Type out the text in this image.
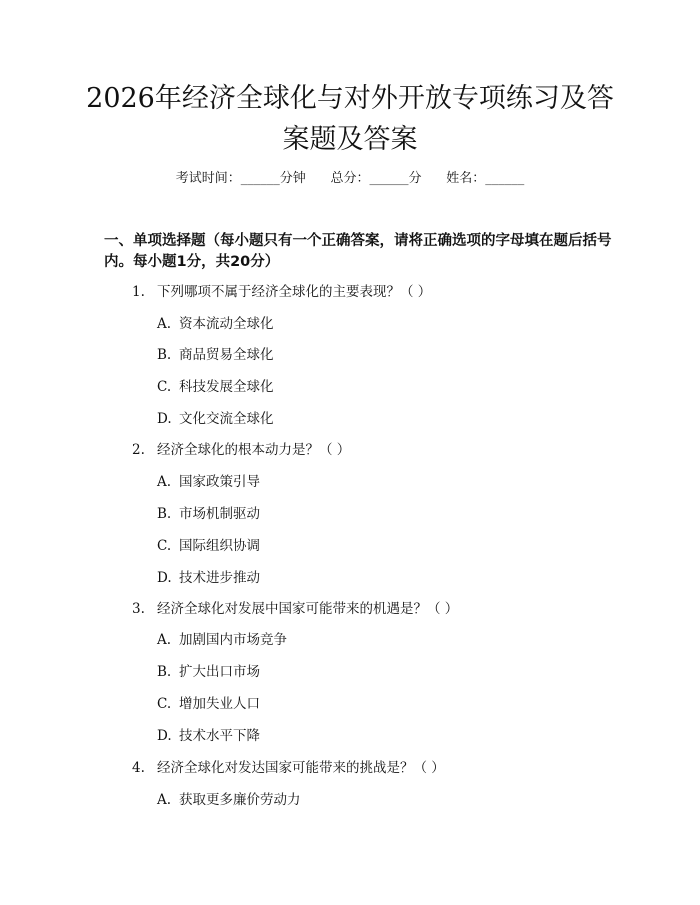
2026年经济全球化与对外开放专项练习及答
案题及答案
考试时间：______分钟      总分：______分      姓名：______
一、单项选择题（每小题只有一个正确答案，请将正确选项的字母填在题后括号内。每小题1分，共20分）
1. 下列哪项不属于经济全球化的主要表现？（ ）
A. 资本流动全球化
B. 商品贸易全球化
C. 科技发展全球化
D. 文化交流全球化
2. 经济全球化的根本动力是？（ ）
A. 国家政策引导
B. 市场机制驱动
C. 国际组织协调
D. 技术进步推动
3. 经济全球化对发展中国家可能带来的机遇是？（ ）
A. 加剧国内市场竞争
B. 扩大出口市场
C. 增加失业人口
D. 技术水平下降
4. 经济全球化对发达国家可能带来的挑战是？（ ）
A. 获取更多廉价劳动力
